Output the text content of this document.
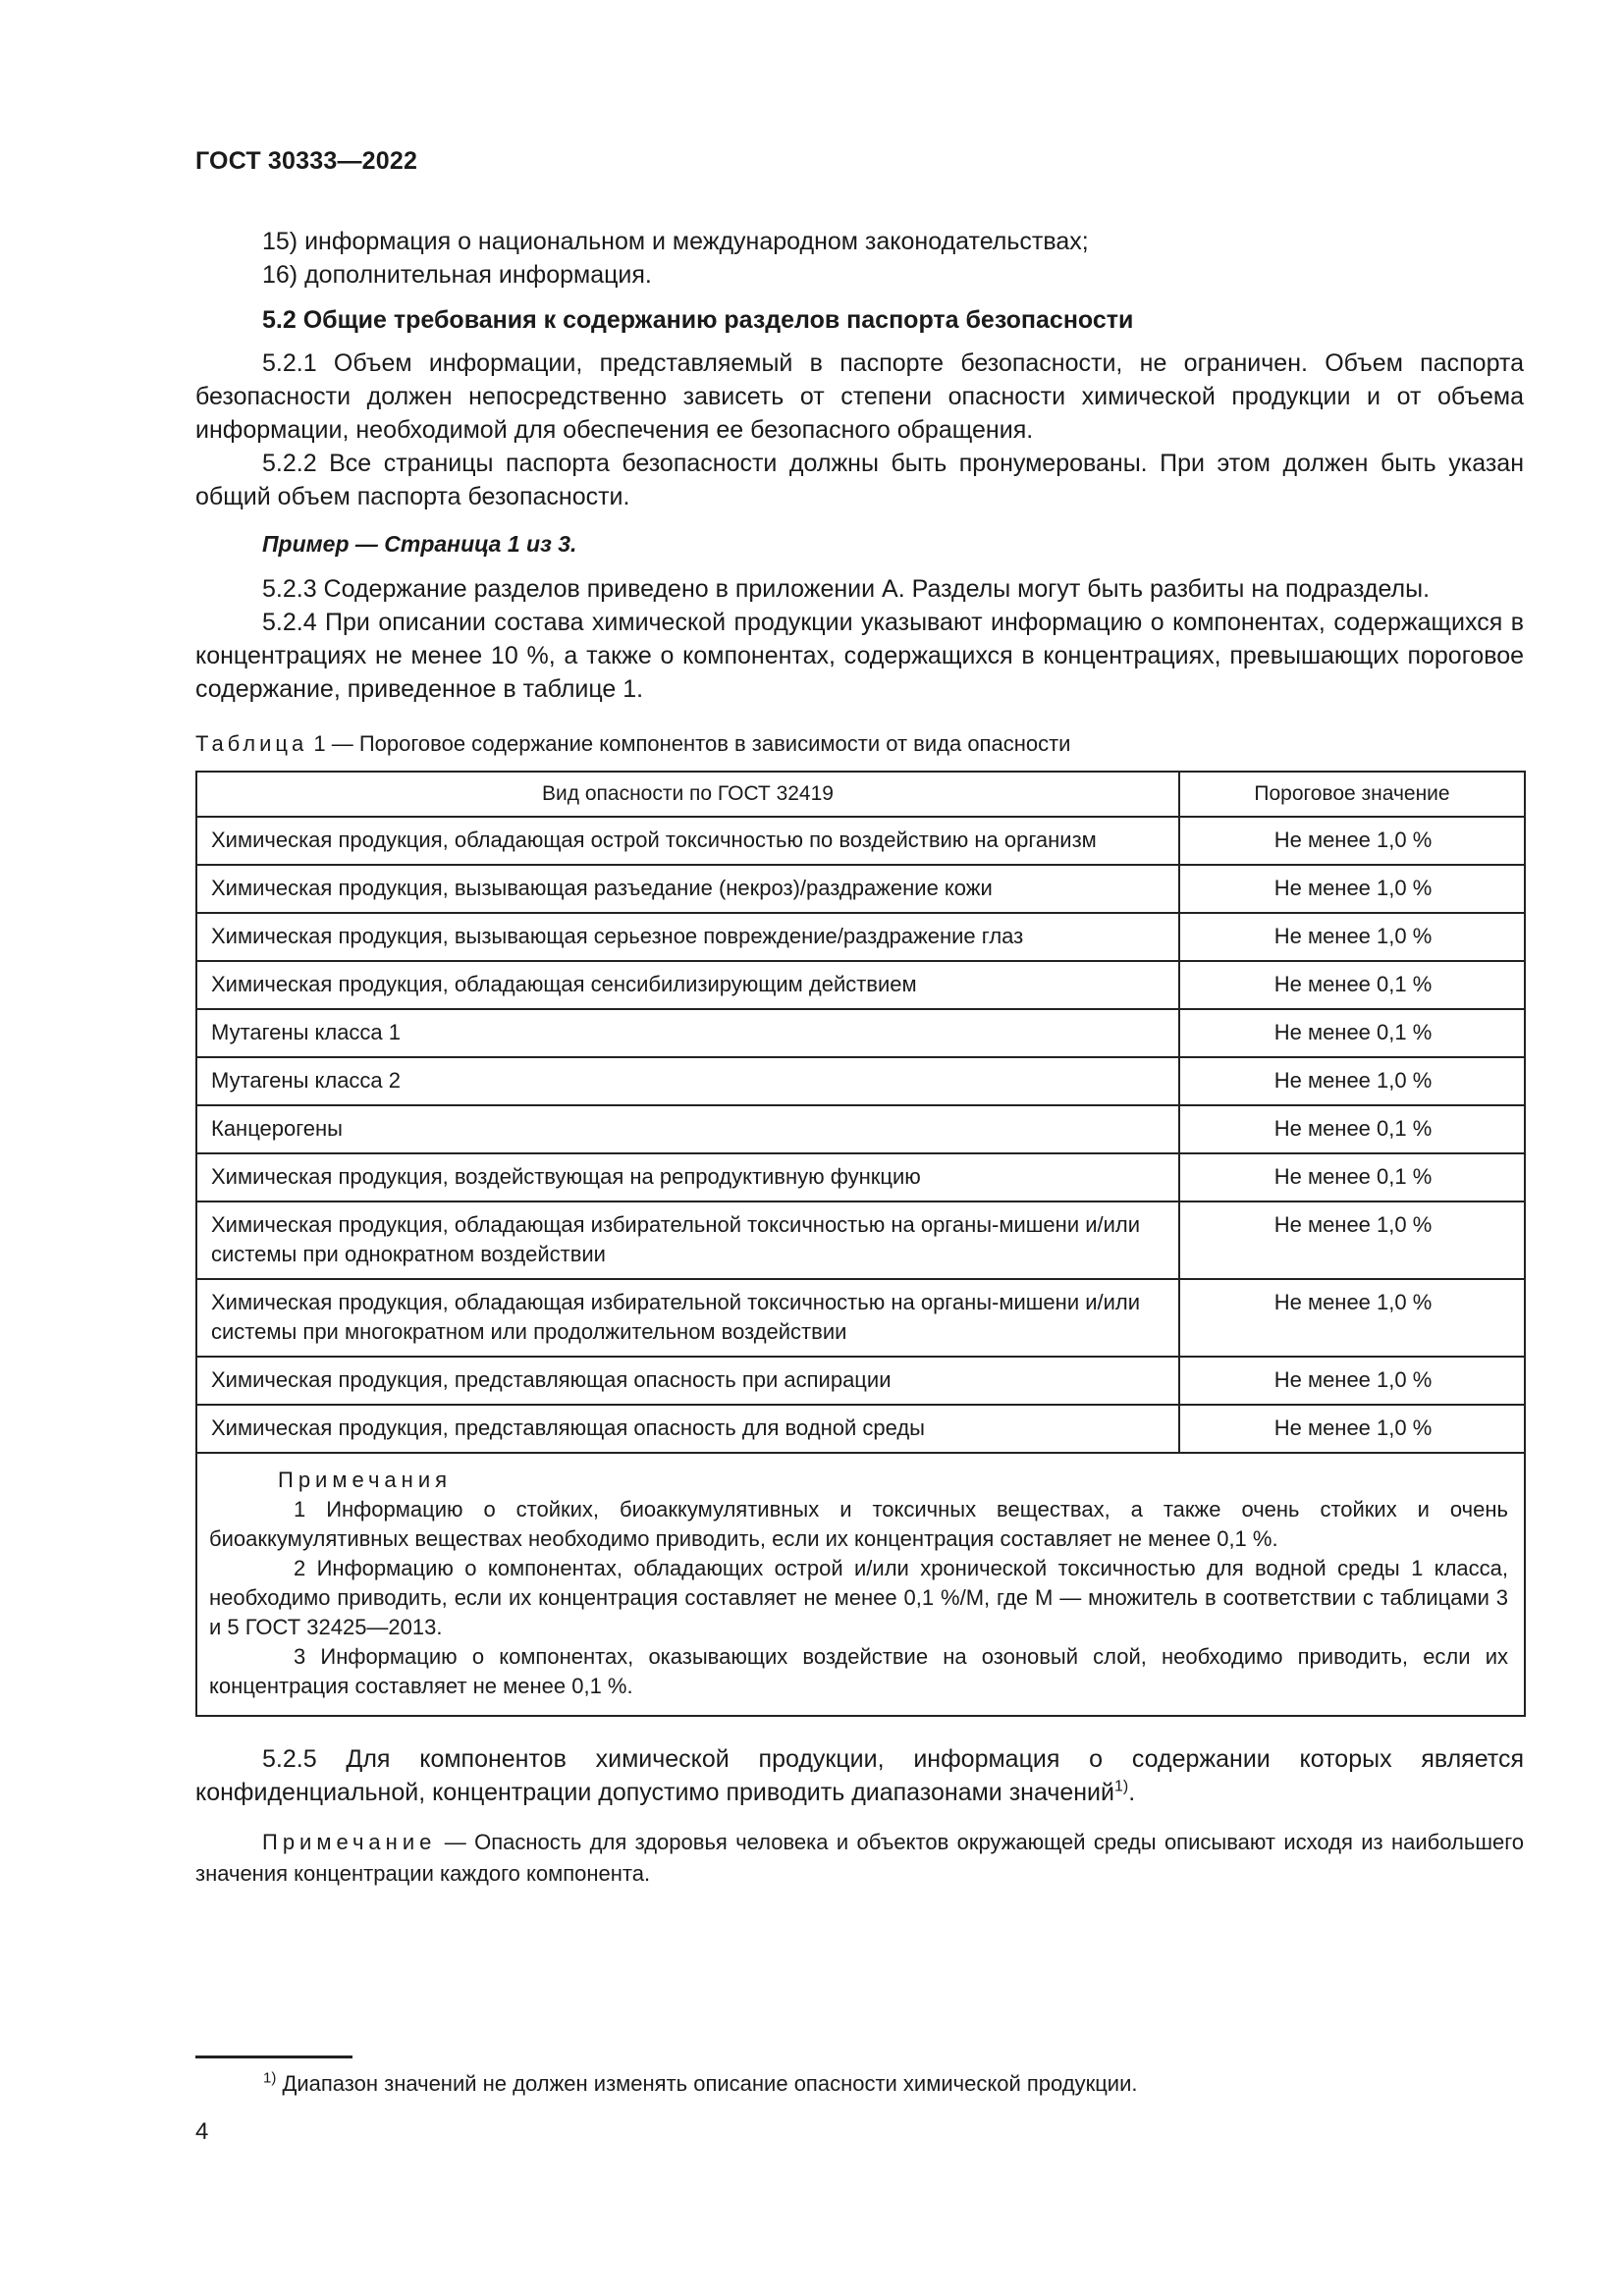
ГОСТ 30333—2022

15) информация о национальном и международном законодательствах;

16) дополнительная информация.

5.2 Общие требования к содержанию разделов паспорта безопасности

5.2.1 Объем информации, представляемый в паспорте безопасности, не ограничен. Объем паспорта безопасности должен непосредственно зависеть от степени опасности химической продукции и от объема информации, необходимой для обеспечения ее безопасного обращения.

5.2.2 Все страницы паспорта безопасности должны быть пронумерованы. При этом должен быть указан общий объем паспорта безопасности.

Пример — Страница 1 из 3.

5.2.3 Содержание разделов приведено в приложении А. Разделы могут быть разбиты на подразделы.

5.2.4 При описании состава химической продукции указывают информацию о компонентах, содержащихся в концентрациях не менее 10 %, а также о компонентах, содержащихся в концентрациях, превышающих пороговое содержание, приведенное в таблице 1.

Таблица 1 — Пороговое содержание компонентов в зависимости от вида опасности

Вид опасности по ГОСТ 32419	Пороговое значение
Химическая продукция, обладающая острой токсичностью по воздействию на организм	Не менее 1,0 %
Химическая продукция, вызывающая разъедание (некроз)/раздражение кожи	Не менее 1,0 %
Химическая продукция, вызывающая серьезное повреждение/раздражение глаз	Не менее 1,0 %
Химическая продукция, обладающая сенсибилизирующим действием	Не менее 0,1 %
Мутагены класса 1	Не менее 0,1 %
Мутагены класса 2	Не менее 1,0 %
Канцерогены	Не менее 0,1 %
Химическая продукция, воздействующая на репродуктивную функцию	Не менее 0,1 %
Химическая продукция, обладающая избирательной токсичностью на органы-мишени и/или системы при однократном воздействии	Не менее 1,0 %
Химическая продукция, обладающая избирательной токсичностью на органы-мишени и/или системы при многократном или продолжительном воздействии	Не менее 1,0 %
Химическая продукция, представляющая опасность при аспирации	Не менее 1,0 %
Химическая продукция, представляющая опасность для водной среды	Не менее 1,0 %

Примечания

1 Информацию о стойких, биоаккумулятивных и токсичных веществах, а также очень стойких и очень биоаккумулятивных веществах необходимо приводить, если их концентрация составляет не менее 0,1 %.

2 Информацию о компонентах, обладающих острой и/или хронической токсичностью для водной среды 1 класса, необходимо приводить, если их концентрация составляет не менее 0,1 %/M, где M — множитель в соответствии с таблицами 3 и 5 ГОСТ 32425—2013.

3 Информацию о компонентах, оказывающих воздействие на озоновый слой, необходимо приводить, если их концентрация составляет не менее 0,1 %.	

5.2.5 Для компонентов химической продукции, информация о содержании которых является конфиденциальной, концентрации допустимо приводить диапазонами значений$^{1)}$.

Примечание — Опасность для здоровья человека и объектов окружающей среды описывают исходя из наибольшего значения концентрации каждого компонента.

$^{1)}$ Диапазон значений не должен изменять описание опасности химической продукции.
4
